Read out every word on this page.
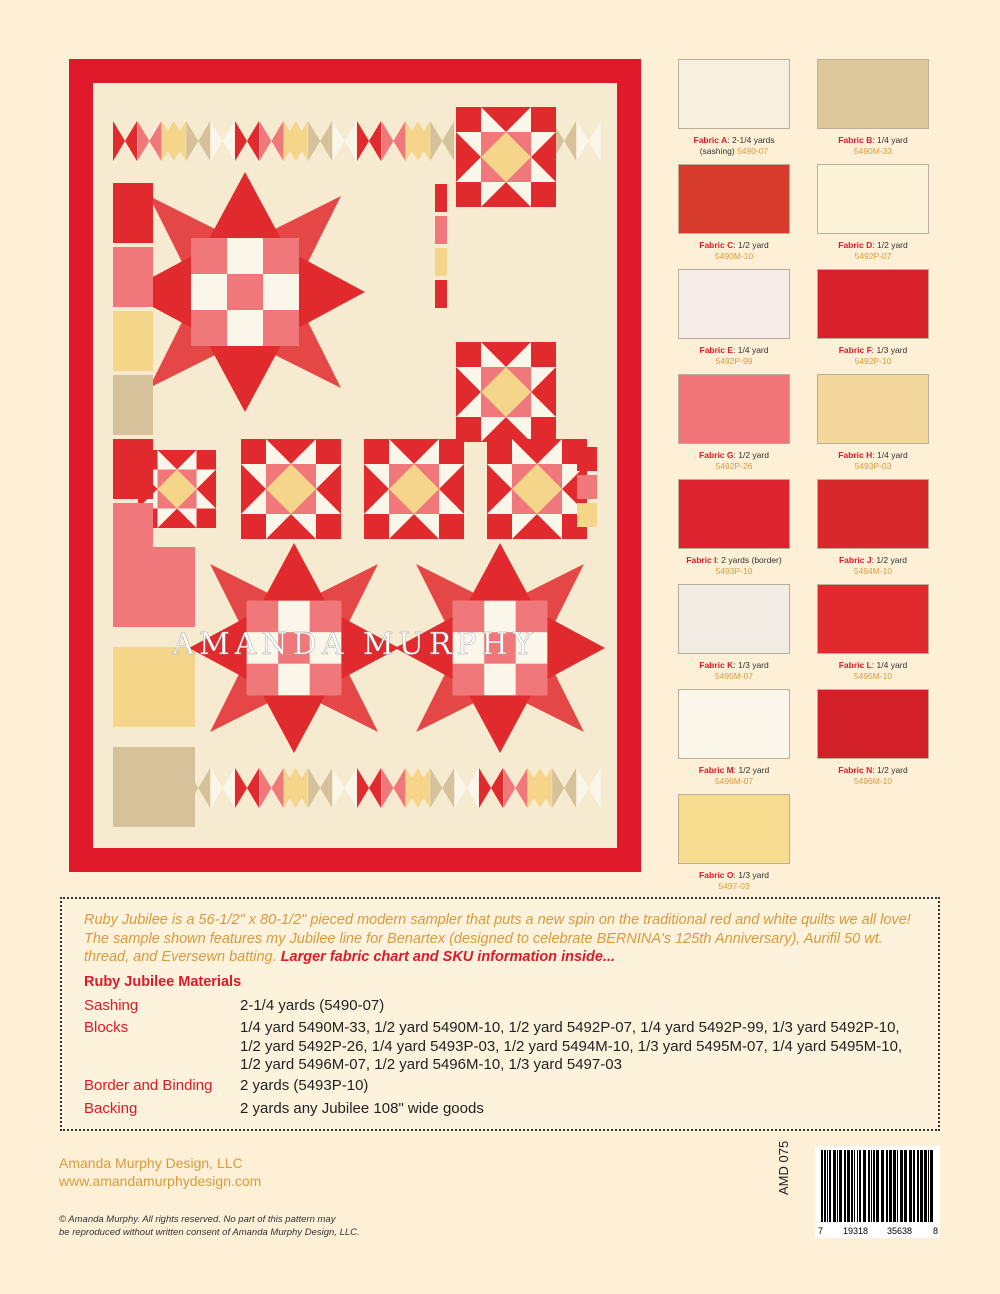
AMANDA MURPHY
Fabric A: 2-1/4 yards
(sashing) 5490-07
Fabric B: 1/4 yard
5490M-33
Fabric C: 1/2 yard
5490M-10
Fabric D: 1/2 yard
5492P-07
Fabric E: 1/4 yard
5492P-99
Fabric F: 1/3 yard
5492P-10
Fabric G: 1/2 yard
5492P-26
Fabric H: 1/4 yard
5493P-03
Fabric I: 2 yards (border)
5493P-10
Fabric J: 1/2 yard
5494M-10
Fabric K: 1/3 yard
5495M-07
Fabric L: 1/4 yard
5495M-10
Fabric M: 1/2 yard
5496M-07
Fabric N: 1/2 yard
5496M-10
Fabric O: 1/3 yard
5497-03
Ruby Jubilee is a 56-1/2" x 80-1/2" pieced modern sampler that puts a new spin on the traditional red and white quilts we all love! The sample shown features my Jubilee line for Benartex (designed to celebrate BERNINA's 125th Anniversary), Aurifil 50 wt. thread, and Eversewn batting. Larger fabric chart and SKU information inside...
Ruby Jubilee Materials
Sashing	2-1/4 yards (5490-07)
Blocks	1/4 yard 5490M-33, 1/2 yard 5490M-10, 1/2 yard 5492P-07, 1/4 yard 5492P-99, 1/3 yard 5492P-10, 1/2 yard 5492P-26, 1/4 yard 5493P-03, 1/2 yard 5494M-10, 1/3 yard 5495M-07, 1/4 yard 5495M-10, 1/2 yard 5496M-07, 1/2 yard 5496M-10, 1/3 yard 5497-03
Border and Binding	2 yards (5493P-10)
Backing	2 yards any Jubilee 108" wide goods
Amanda Murphy Design, LLC
www.amandamurphydesign.com
© Amanda Murphy. All rights reserved. No part of this pattern may
be reproduced without written consent of Amanda Murphy Design, LLC.
AMD 075
7 19318 35638 8
